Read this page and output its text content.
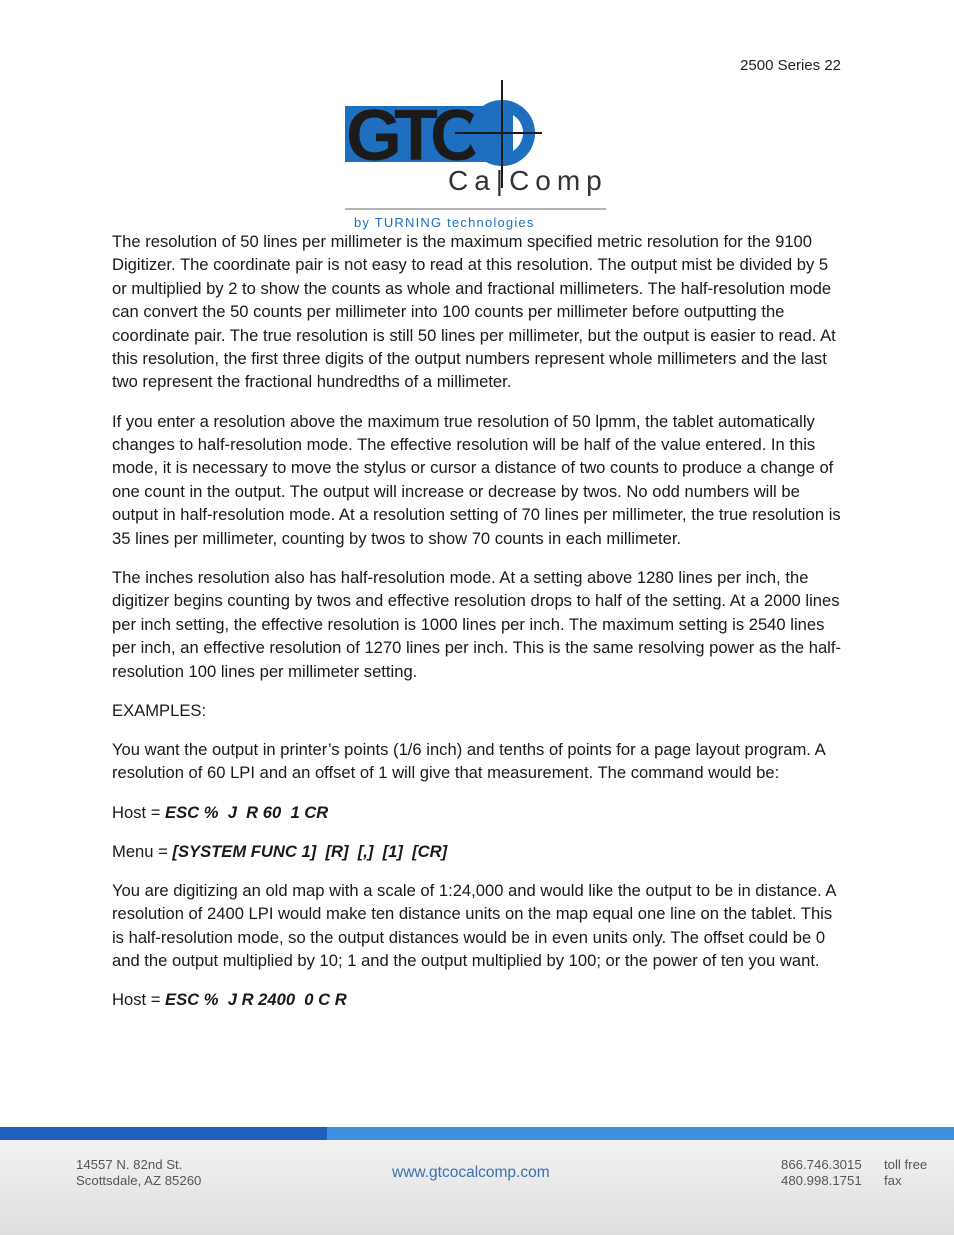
2500 Series 22
GTC
Ca|Comp
by TURNING technologies

The resolution of 50 lines per millimeter is the maximum specified metric resolution for the 9100 Digitizer. The coordinate pair is not easy to read at this resolution. The output mist be divided by 5 or multiplied by 2 to show the counts as whole and fractional millimeters. The half-resolution mode can convert the 50 counts per millimeter into 100 counts per millimeter before outputting the coordinate pair. The true resolution is still 50 lines per millimeter, but the output is easier to read. At this resolution, the first three digits of the output numbers represent whole millimeters and the last two represent the fractional hundredths of a millimeter.

If you enter a resolution above the maximum true resolution of 50 lpmm, the tablet automatically changes to half-resolution mode. The effective resolution will be half of the value entered. In this mode, it is necessary to move the stylus or cursor a distance of two counts to produce a change of one count in the output. The output will increase or decrease by twos. No odd numbers will be output in half-resolution mode. At a resolution setting of 70 lines per millimeter, the true resolution is 35 lines per millimeter, counting by twos to show 70 counts in each millimeter.

The inches resolution also has half-resolution mode. At a setting above 1280 lines per inch, the digitizer begins counting by twos and effective resolution drops to half of the setting. At a 2000 lines per inch setting, the effective resolution is 1000 lines per inch. The maximum setting is 2540 lines per inch, an effective resolution of 1270 lines per inch. This is the same resolving power as the half-resolution 100 lines per millimeter setting.

EXAMPLES:

You want the output in printer’s points (1/6 inch) and tenths of points for a page layout program. A resolution of 60 LPI and an offset of 1 will give that measurement. The command would be:

Host = ESC %  J  R 60  1 CR

Menu = [SYSTEM FUNC 1]  [R]  [,]  [1]  [CR]

You are digitizing an old map with a scale of 1:24,000 and would like the output to be in distance. A resolution of 2400 LPI would make ten distance units on the map equal one line on the tablet. This is half-resolution mode, so the output distances would be in even units only. The offset could be 0 and the output multiplied by 10; 1 and the output multiplied by 100; or the power of ten you want.

Host = ESC %  J R 2400  0 C R

14557 N. 82nd St.
Scottsdale, AZ 85260	www.gtcocalcomp.com	866.746.3015
480.998.1751
toll free
fax
